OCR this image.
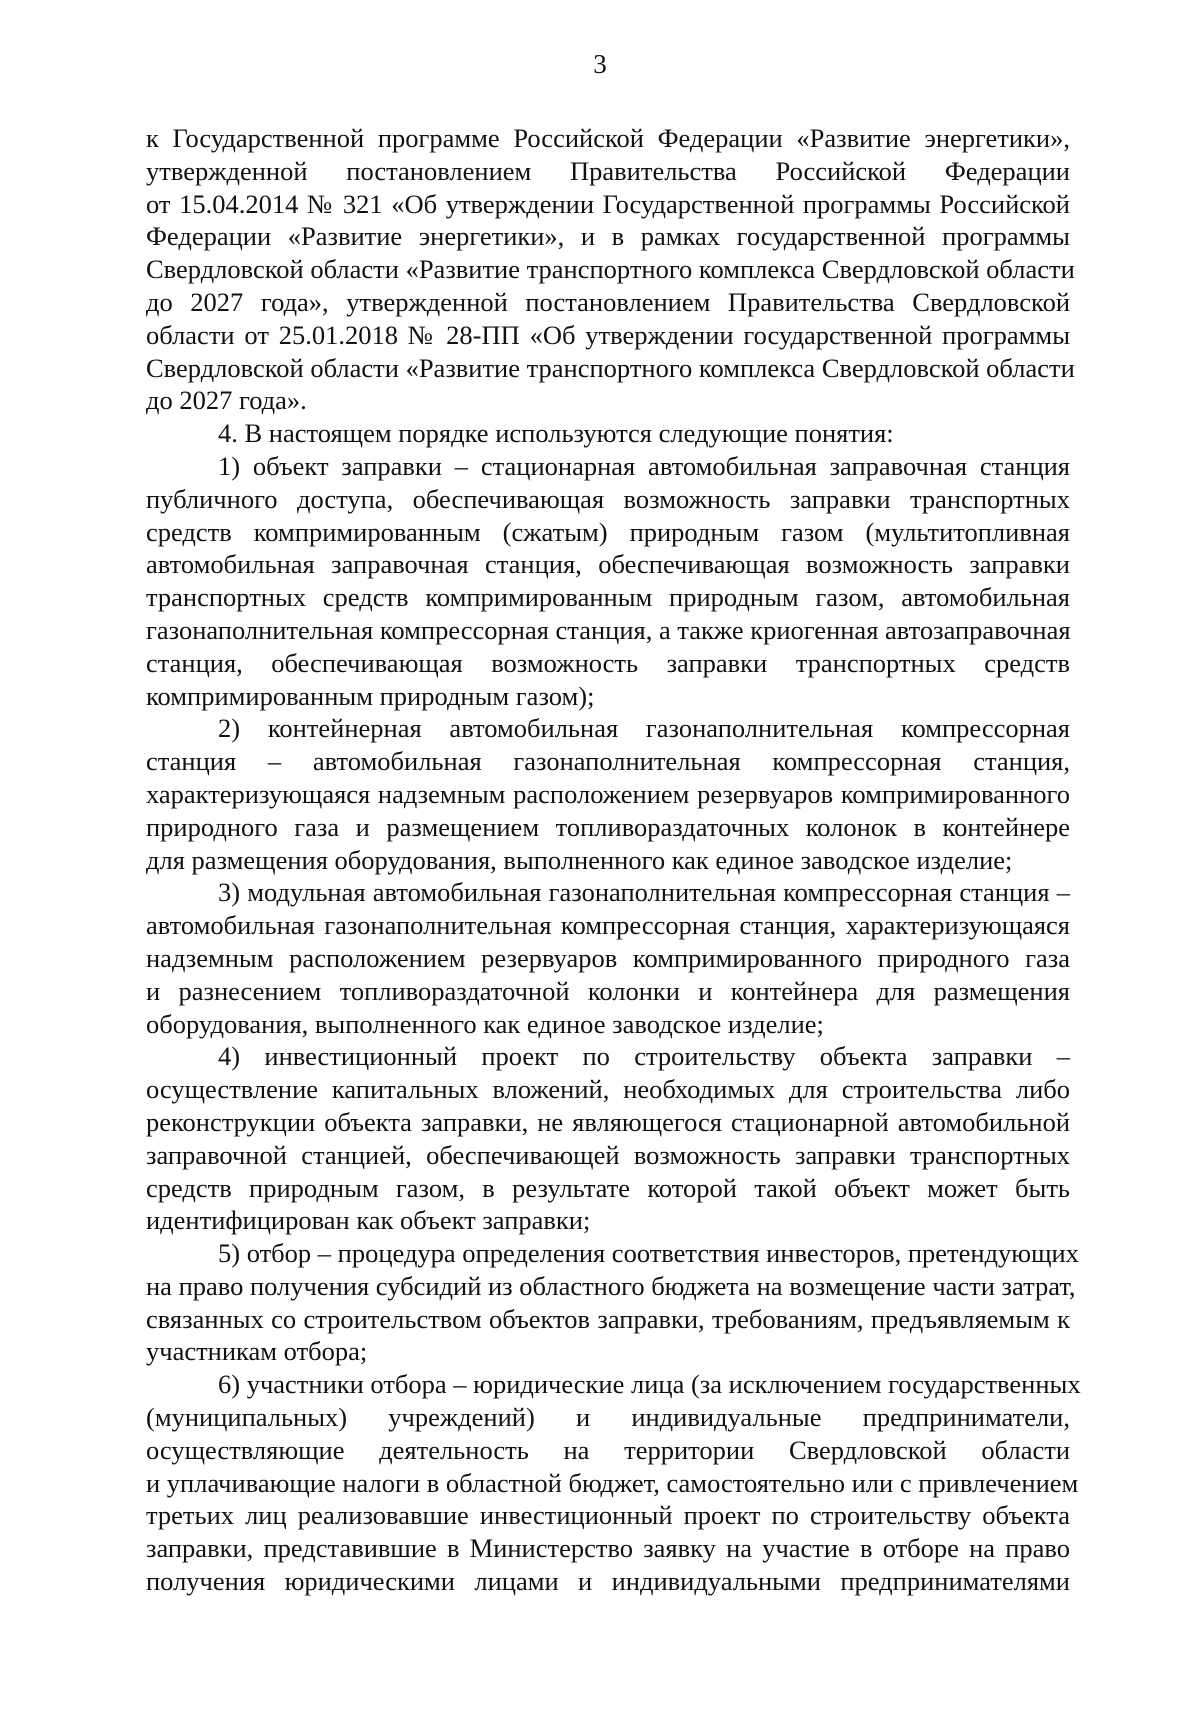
3
к Государственной программе Российской Федерации «Развитие энергетики»,
утвержденной постановлением Правительства Российской Федерации
от 15.04.2014 № 321 «Об утверждении Государственной программы Российской
Федерации «Развитие энергетики», и в рамках государственной программы
Свердловской области «Развитие транспортного комплекса Свердловской области
до 2027 года», утвержденной постановлением Правительства Свердловской
области от 25.01.2018 № 28-ПП «Об утверждении государственной программы
Свердловской области «Развитие транспортного комплекса Свердловской области
до 2027 года».
4. В настоящем порядке используются следующие понятия:
1) объект заправки – стационарная автомобильная заправочная станция
публичного доступа, обеспечивающая возможность заправки транспортных
средств компримированным (сжатым) природным газом (мультитопливная
автомобильная заправочная станция, обеспечивающая возможность заправки
транспортных средств компримированным природным газом, автомобильная
газонаполнительная компрессорная станция, а также криогенная автозаправочная
станция, обеспечивающая возможность заправки транспортных средств
компримированным природным газом);
2) контейнерная автомобильная газонаполнительная компрессорная
станция – автомобильная газонаполнительная компрессорная станция,
характеризующаяся надземным расположением резервуаров компримированного
природного газа и размещением топливораздаточных колонок в контейнере
для размещения оборудования, выполненного как единое заводское изделие;
3) модульная автомобильная газонаполнительная компрессорная станция –
автомобильная газонаполнительная компрессорная станция, характеризующаяся
надземным расположением резервуаров компримированного природного газа
и разнесением топливораздаточной колонки и контейнера для размещения
оборудования, выполненного как единое заводское изделие;
4) инвестиционный проект по строительству объекта заправки –
осуществление капитальных вложений, необходимых для строительства либо
реконструкции объекта заправки, не являющегося стационарной автомобильной
заправочной станцией, обеспечивающей возможность заправки транспортных
средств природным газом, в результате которой такой объект может быть
идентифицирован как объект заправки;
5) отбор – процедура определения соответствия инвесторов, претендующих
на право получения субсидий из областного бюджета на возмещение части затрат,
связанных со строительством объектов заправки, требованиям, предъявляемым к
участникам отбора;
6) участники отбора – юридические лица (за исключением государственных
(муниципальных) учреждений) и индивидуальные предприниматели,
осуществляющие деятельность на территории Свердловской области
и уплачивающие налоги в областной бюджет, самостоятельно или с привлечением
третьих лиц реализовавшие инвестиционный проект по строительству объекта
заправки, представившие в Министерство заявку на участие в отборе на право
получения юридическими лицами и индивидуальными предпринимателями
